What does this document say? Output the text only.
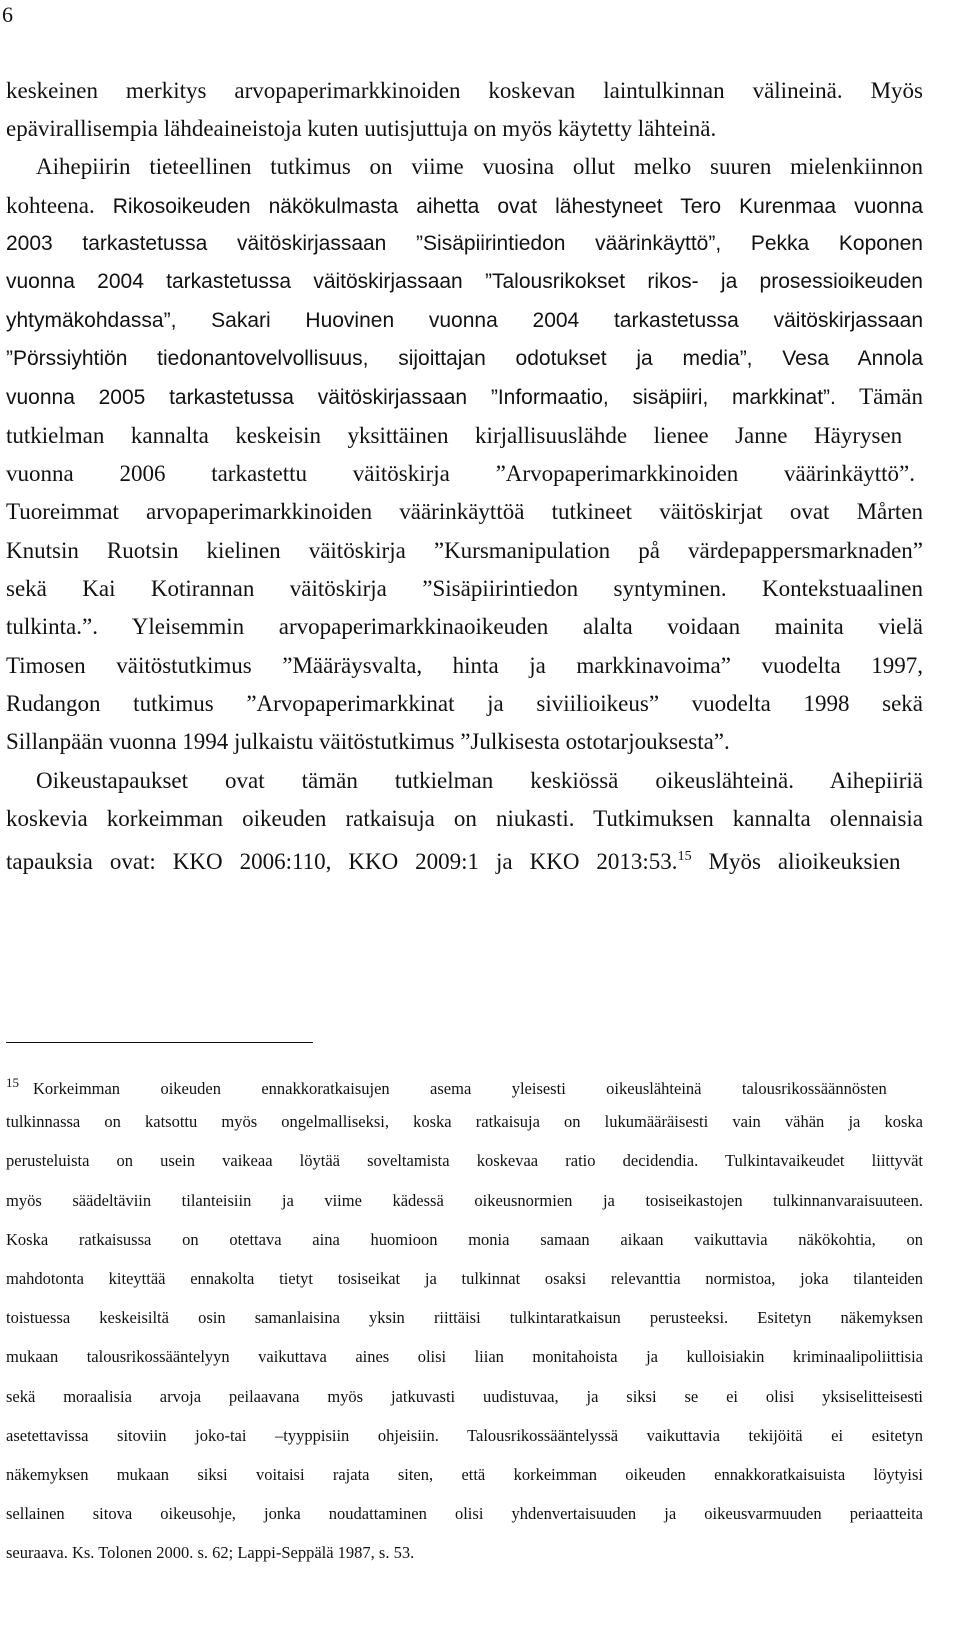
6
keskeinen merkitys arvopaperimarkkinoiden koskevan laintulkinnan välineinä. Myös
epävirallisempia lähdeaineistoja kuten uutisjuttuja on myös käytetty lähteinä.
Aihepiirin tieteellinen tutkimus on viime vuosina ollut melko suuren mielenkiinnon
kohteena. Rikosoikeuden näkökulmasta aihetta ovat lähestyneet Tero Kurenmaa vuonna
2003 tarkastetussa väitöskirjassaan ”Sisäpiirintiedon väärinkäyttö”, Pekka Koponen
vuonna 2004 tarkastetussa väitöskirjassaan ”Talousrikokset rikos- ja prosessioikeuden
yhtymäkohdassa”, Sakari Huovinen vuonna 2004 tarkastetussa väitöskirjassaan
”Pörssiyhtiön tiedonantovelvollisuus, sijoittajan odotukset ja media”, Vesa Annola
vuonna 2005 tarkastetussa väitöskirjassaan ”Informaatio, sisäpiiri, markkinat”. Tämän
tutkielman kannalta keskeisin yksittäinen kirjallisuuslähde lienee Janne Häyrysen
vuonna 2006 tarkastettu väitöskirja ”Arvopaperimarkkinoiden väärinkäyttö”.
Tuoreimmat arvopaperimarkkinoiden väärinkäyttöä tutkineet väitöskirjat ovat Mårten
Knutsin Ruotsin kielinen väitöskirja ”Kursmanipulation på värdepappersmarknaden”
sekä Kai Kotirannan väitöskirja ”Sisäpiirintiedon syntyminen. Kontekstuaalinen
tulkinta.”. Yleisemmin arvopaperimarkkinaoikeuden alalta voidaan mainita vielä
Timosen väitöstutkimus ”Määräysvalta, hinta ja markkinavoima” vuodelta 1997,
Rudangon tutkimus ”Arvopaperimarkkinat ja siviilioikeus” vuodelta 1998 sekä
Sillanpään vuonna 1994 julkaistu väitöstutkimus ”Julkisesta ostotarjouksesta”.
Oikeustapaukset ovat tämän tutkielman keskiössä oikeuslähteinä. Aihepiiriä
koskevia korkeimman oikeuden ratkaisuja on niukasti. Tutkimuksen kannalta olennaisia
tapauksia ovat: KKO 2006:110, KKO 2009:1 ja KKO 2013:53.15 Myös alioikeuksien
$^{15}$ Korkeimman oikeuden ennakkoratkaisujen asema yleisesti oikeuslähteinä talousrikossäännösten
tulkinnassa on katsottu myös ongelmalliseksi, koska ratkaisuja on lukumääräisesti vain vähän ja koska
perusteluista on usein vaikeaa löytää soveltamista koskevaa ratio decidendia. Tulkintavaikeudet liittyvät
myös säädeltäviin tilanteisiin ja viime kädessä oikeusnormien ja tosiseikastojen tulkinnanvaraisuuteen.
Koska ratkaisussa on otettava aina huomioon monia samaan aikaan vaikuttavia näkökohtia, on
mahdotonta kiteyttää ennakolta tietyt tosiseikat ja tulkinnat osaksi relevanttia normistoa, joka tilanteiden
toistuessa keskeisiltä osin samanlaisina yksin riittäisi tulkintaratkaisun perusteeksi. Esitetyn näkemyksen
mukaan talousrikossääntelyyn vaikuttava aines olisi liian monitahoista ja kulloisiakin kriminaalipoliittisia
sekä moraalisia arvoja peilaavana myös jatkuvasti uudistuvaa, ja siksi se ei olisi yksiselitteisesti
asetettavissa sitoviin joko-tai –tyyppisiin ohjeisiin. Talousrikossääntelyssä vaikuttavia tekijöitä ei esitetyn
näkemyksen mukaan siksi voitaisi rajata siten, että korkeimman oikeuden ennakkoratkaisuista löytyisi
sellainen sitova oikeusohje, jonka noudattaminen olisi yhdenvertaisuuden ja oikeusvarmuuden periaatteita
seuraava. Ks. Tolonen 2000. s. 62; Lappi-Seppälä 1987, s. 53.
